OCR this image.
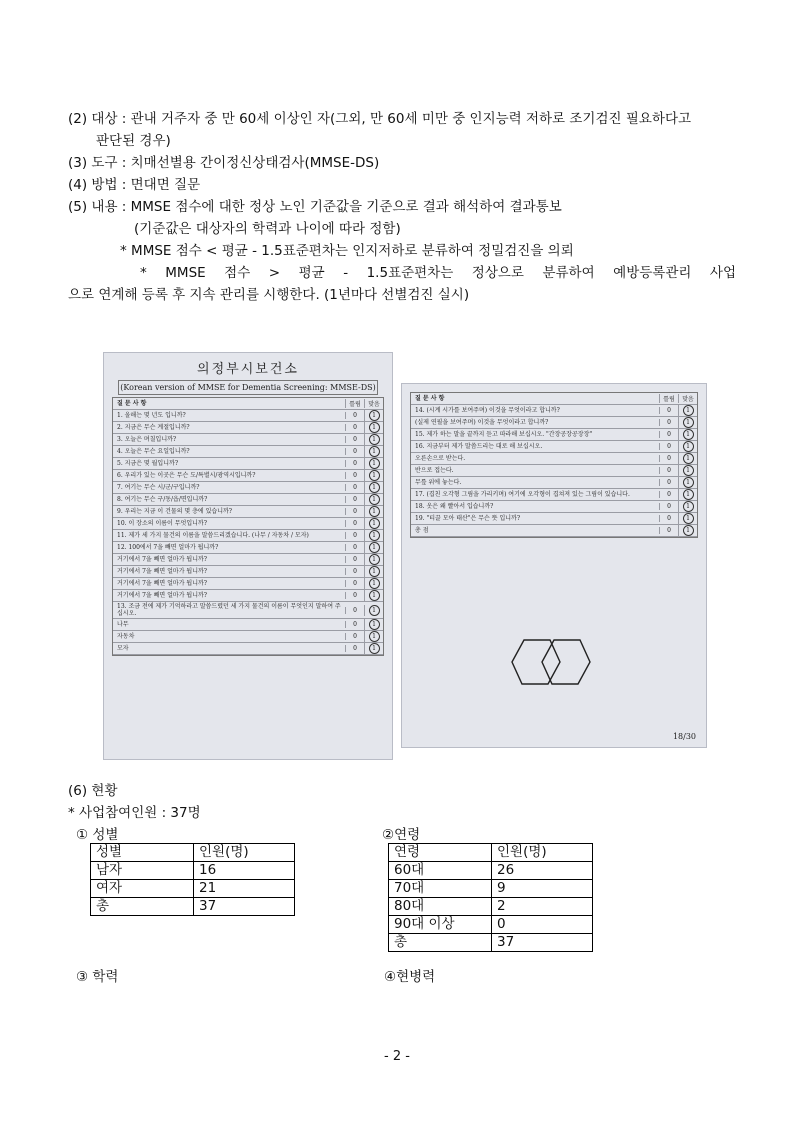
(2) 대상 : 관내 거주자 중 만 60세 이상인 자(그외, 만 60세 미만 중 인지능력 저하로 조기검진 필요하다고
판단된 경우)
(3) 도구 : 치매선별용 간이정신상태검사(MMSE-DS)
(4) 방법 : 면대면 질문
(5) 내용 : MMSE 점수에 대한 정상 노인 기준값을 기준으로 결과 해석하여 결과통보
(기준값은 대상자의 학력과 나이에 따라 정함)
* MMSE 점수 < 평균 - 1.5표준편차는 인지저하로 분류하여 정밀검진을 의뢰
* MMSE 점수 > 평균 - 1.5표준편차는 정상으로 분류하여 예방등록관리 사업
으로 연계해 등록 후 지속 관리를 시행한다. (1년마다 선별검진 실시)
의정부시보건소
(Korean version of MMSE for Dementia Screening: MMSE-DS)
질 문 사 항	틀림	맞음
1. 올해는 몇 년도 입니까?	0	1
2. 지금은 무슨 계절입니까?	0	1
3. 오늘은 며칠입니까?	0	1
4. 오늘은 무슨 요일입니까?	0	1
5. 지금은 몇 월입니까?	0	1
6. 우리가 있는 이곳은 무슨 도/특별시/광역시입니까?	0	1
7. 여기는 무슨 시/군/구입니까?	0	1
8. 여기는 무슨 구/동/읍/면입니까?	0	1
9. 우리는 지금 이 건물의 몇 층에 있습니까?	0	1
10. 이 장소의 이름이 무엇입니까?	0	1
11. 제가 세 가지 물건의 이름을 말씀드리겠습니다. (나무 / 자동차 / 모자)	0	1
12. 100에서 7을 빼면 얼마가 됩니까?	0	1
거기에서 7을 빼면 얼마가 됩니까?	0	1
거기에서 7을 빼면 얼마가 됩니까?	0	1
거기에서 7을 빼면 얼마가 됩니까?	0	1
거기에서 7을 빼면 얼마가 됩니까?	0	1
13. 조금 전에 제가 기억하라고 말씀드렸던 세 가지 물건의 이름이 무엇인지 말하여 주십시오.	0	1
나무	0	1
자동차	0	1
모자	0	1
질 문 사 항	틀림	맞음
14. (시계 시가를 보여주며) 이것을 무엇이라고 합니까?	0	1
(실제 연필을 보여주며) 이것을 무엇이라고 합니까?	0	1
15. 제가 하는 말을 끝까지 듣고 따라해 보십시오. "간장공장공장장"	0	1
16. 지금부터 제가 말씀드리는 대로 해 보십시오.	0	1
오른손으로 받는다.	0	1
반으로 접는다.	0	1
무릎 위에 놓는다.	0	1
17. (겹친 오각형 그림을 가리키며) 여기에 오각형이 겹쳐져 있는 그림이 있습니다.	0	1
18. 옷은 왜 빨아서 입습니까?	0	1
19. "티끌 모아 태산"은 무슨 뜻 입니까?	0	1
총 점	0	1
18/30
(6) 현황
* 사업참여인원 : 37명
① 성별	②연령
성별	인원(명)
남자	16
여자	21
총	37
연령	인원(명)
60대	26
70대	9
80대	2
90대 이상	0
총	37
③ 학력	④현병력
- 2 -
